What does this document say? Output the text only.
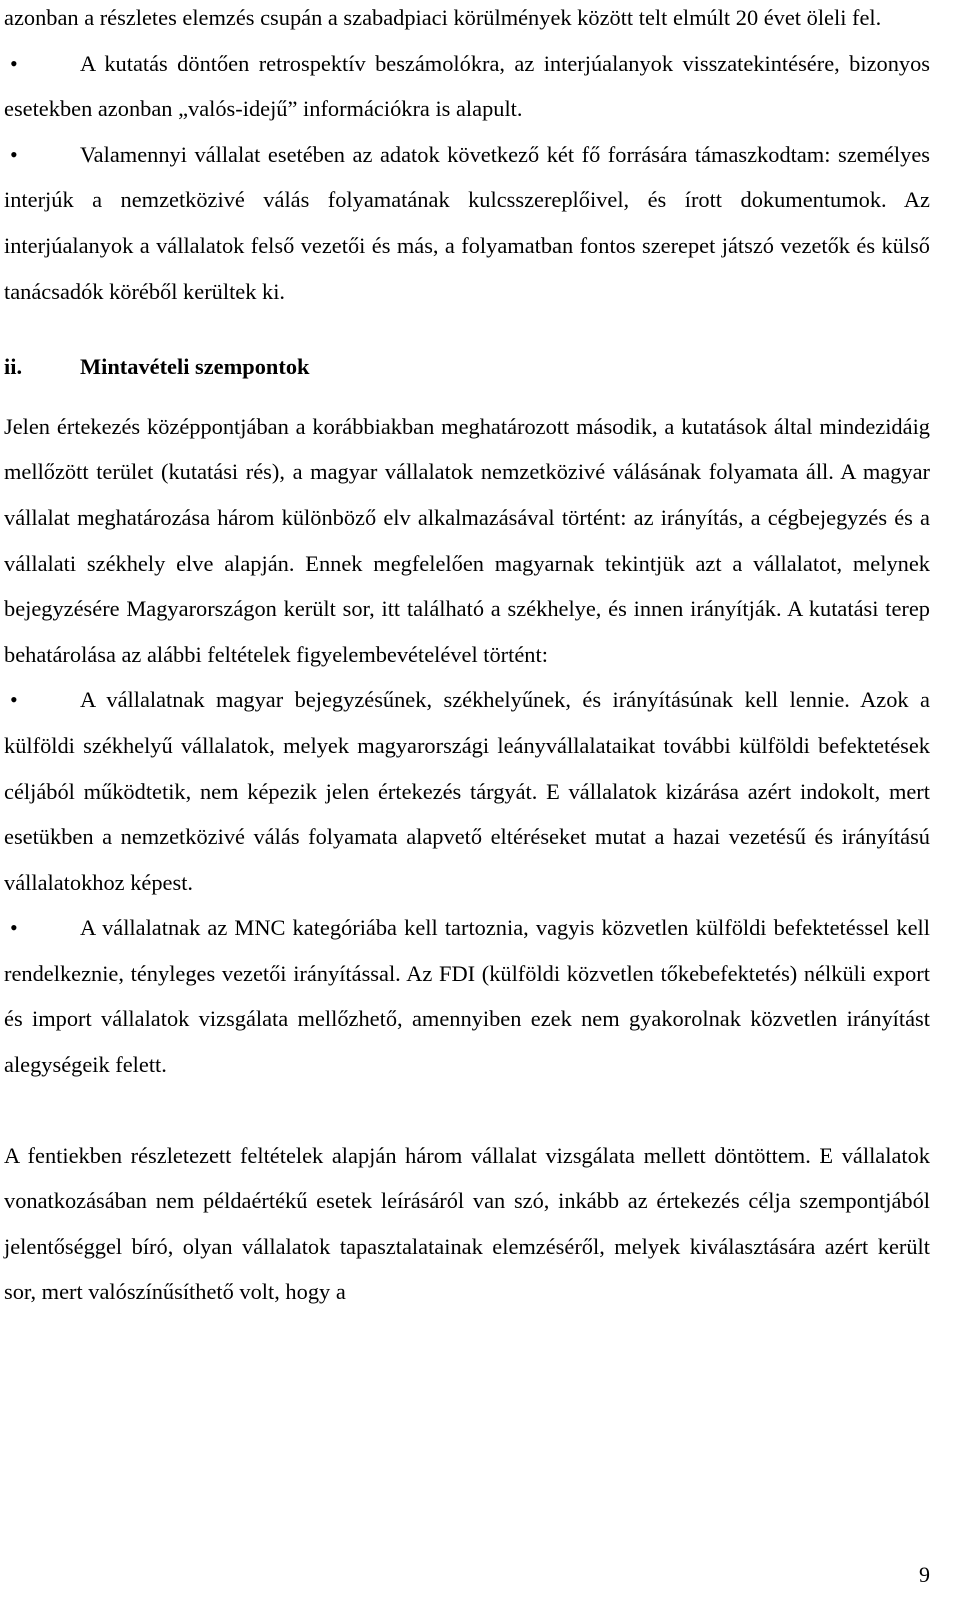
azonban a részletes elemzés csupán a szabadpiaci körülmények között telt elmúlt 20 évet öleli fel.

•	A kutatás döntően retrospektív beszámolókra, az interjúalanyok visszatekintésére, bizonyos esetekben azonban „valós-idejű” információkra is alapult.

•	Valamennyi vállalat esetében az adatok következő két fő forrására támaszkodtam: személyes interjúk a nemzetközivé válás folyamatának kulcsszereplőivel, és írott dokumentumok. Az interjúalanyok a vállalatok felső vezetői és más, a folyamatban fontos szerepet játszó vezetők és külső tanácsadók köréből kerültek ki.

ii.	Mintavételi szempontok

Jelen értekezés középpontjában a korábbiakban meghatározott második, a kutatások által mindezidáig mellőzött terület (kutatási rés), a magyar vállalatok nemzetközivé válásának folyamata áll. A magyar vállalat meghatározása három különböző elv alkalmazásával történt: az irányítás, a cégbejegyzés és a vállalati székhely elve alapján. Ennek megfelelően magyarnak tekintjük azt a vállalatot, melynek bejegyzésére Magyarországon került sor, itt található a székhelye, és innen irányítják. A kutatási terep behatárolása az alábbi feltételek figyelembevételével történt:

•	A vállalatnak magyar bejegyzésűnek, székhelyűnek, és irányításúnak kell lennie. Azok a külföldi székhelyű vállalatok, melyek magyarországi leányvállalataikat további külföldi befektetések céljából működtetik, nem képezik jelen értekezés tárgyát. E vállalatok kizárása azért indokolt, mert esetükben a nemzetközivé válás folyamata alapvető eltéréseket mutat a hazai vezetésű és irányítású vállalatokhoz képest.

•	A vállalatnak az MNC kategóriába kell tartoznia, vagyis közvetlen külföldi befektetéssel kell rendelkeznie, tényleges vezetői irányítással. Az FDI (külföldi közvetlen tőkebefektetés) nélküli export és import vállalatok vizsgálata mellőzhető, amennyiben ezek nem gyakorolnak közvetlen irányítást alegységeik felett.

A fentiekben részletezett feltételek alapján három vállalat vizsgálata mellett döntöttem. E vállalatok vonatkozásában nem példaértékű esetek leírásáról van szó, inkább az értekezés célja szempontjából jelentőséggel bíró, olyan vállalatok tapasztalatainak elemzéséről, melyek kiválasztására azért került sor, mert valószínűsíthető volt, hogy a

9
